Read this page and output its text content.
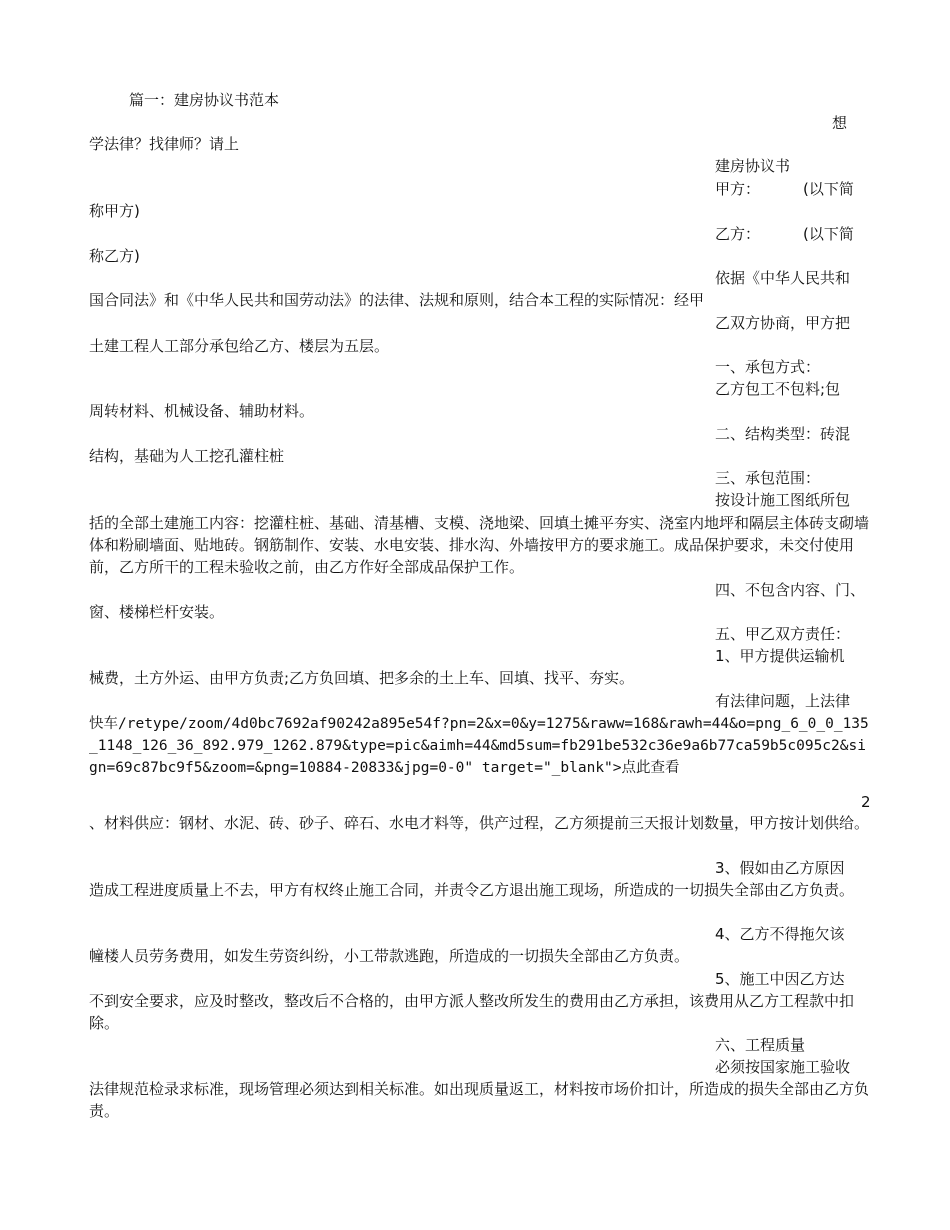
篇一：建房协议书范本
想
学法律？找律师？请上
建房协议书
甲方：	(以下简
称甲方)
乙方：	(以下简
称乙方)
依据《中华人民共和
国合同法》和《中华人民共和国劳动法》的法律、法规和原则，结合本工程的实际情况：经甲
乙双方协商，甲方把
土建工程人工部分承包给乙方、楼层为五层。
一、承包方式：
乙方包工不包料;包
周转材料、机械设备、辅助材料。
二、结构类型：砖混
结构，基础为人工挖孔灌柱桩
三、承包范围：
按设计施工图纸所包
括的全部土建施工内容：挖灌柱桩、基础、清基槽、支模、浇地梁、回填土摊平夯实、浇室内地坪和隔层主体砖支砌墙体和粉刷墙面、贴地砖。钢筋制作、安装、水电安装、排水沟、外墙按甲方的要求施工。成品保护要求，未交付使用前，乙方所干的工程未验收之前，由乙方作好全部成品保护工作。
四、不包含内容、门、
窗、楼梯栏杆安装。
五、甲乙双方责任：
1、甲方提供运输机
械费，土方外运、由甲方负责;乙方负回填、把多余的土上车、回填、找平、夯实。
有法律问题，上法律
快车/retype/zoom/4d0bc7692af90242a895e54f?pn=2&x=0&y=1275&raww=168&rawh=44&o=png_6_0_0_135_1148_126_36_892.979_1262.879&type=pic&aimh=44&md5sum=fb291be532c36e9a6b77ca59b5c095c2&sign=69c87bc9f5&zoom=&png=10884-20833&jpg=0-0" target="_blank">点此查看
2
、材料供应：钢材、水泥、砖、砂子、碎石、水电才料等，供产过程，乙方须提前三天报计划数量，甲方按计划供给。
3、假如由乙方原因
造成工程进度质量上不去，甲方有权终止施工合同，并责令乙方退出施工现场，所造成的一切损失全部由乙方负责。
4、乙方不得拖欠该
幢楼人员劳务费用，如发生劳资纠纷，小工带款逃跑，所造成的一切损失全部由乙方负责。
5、施工中因乙方达
不到安全要求，应及时整改，整改后不合格的，由甲方派人整改所发生的费用由乙方承担，该费用从乙方工程款中扣除。
六、工程质量
必须按国家施工验收
法律规范检录求标准，现场管理必须达到相关标准。如出现质量返工，材料按市场价扣计，所造成的损失全部由乙方负责。
